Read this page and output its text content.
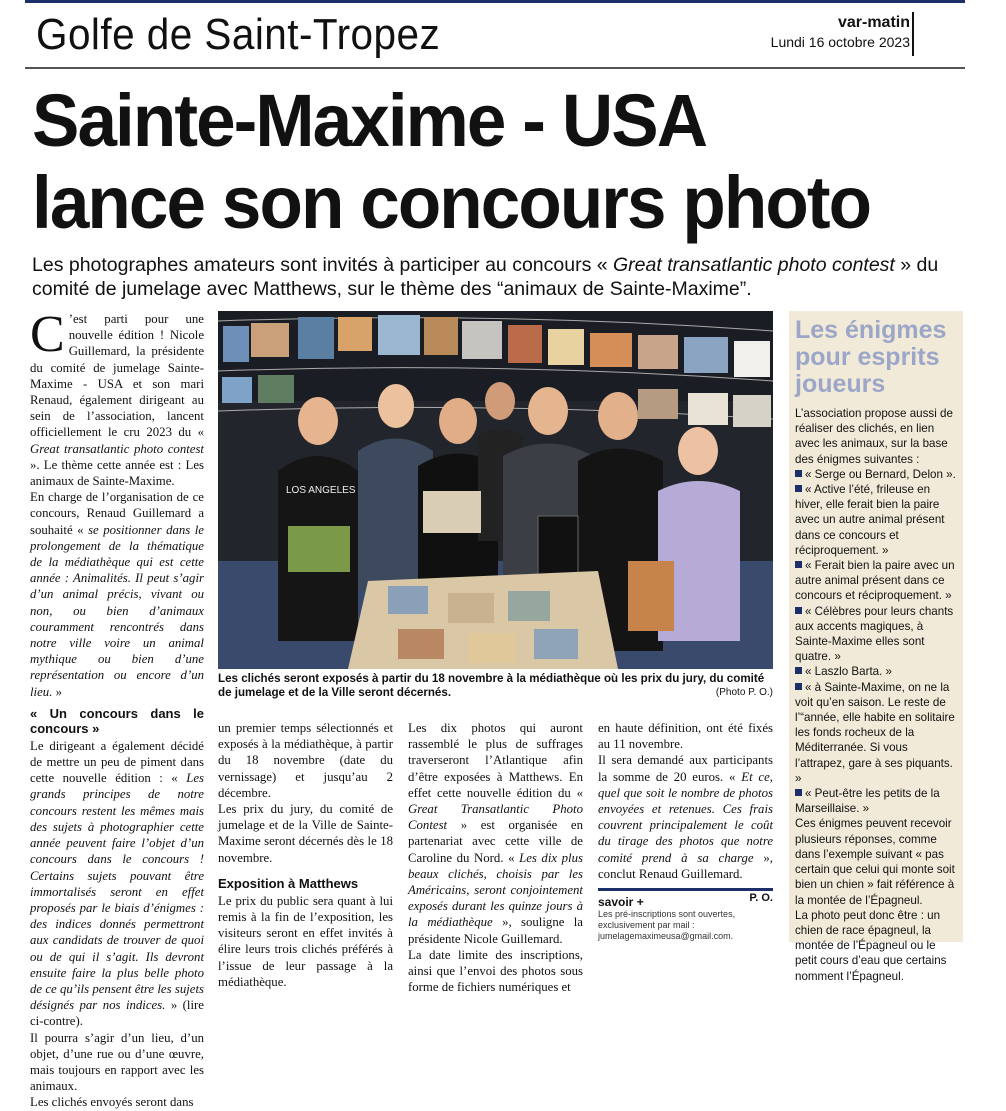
Golfe de Saint-Tropez	var-matin
Lundi 16 octobre 2023
Sainte-Maxime - USA
lance son concours photo
Les photographes amateurs sont invités à participer au concours « Great transatlantic photo contest » du comité de jumelage avec Matthews, sur le thème des “animaux de Sainte-Maxime”.

C ’est parti pour une nouvelle édition ! Nicole Guillemard, la présidente du comité de jumelage Sainte-Maxime - USA et son mari Renaud, également dirigeant au sein de l’association, lancent officiellement le cru 2023 du « Great transatlantic photo contest ». Le thème cette année est : Les animaux de Sainte-Maxime.

En charge de l’organisation de ce concours, Renaud Guillemard a souhaité « se positionner dans le prolongement de la thématique de la médiathèque qui est cette année : Animalités. Il peut s’agir d’un animal précis, vivant ou non, ou bien d’animaux couramment rencontrés dans notre ville voire un animal mythique ou bien d’une représentation ou encore d’un lieu. »

« Un concours dans le concours »

Le dirigeant a également décidé de mettre un peu de piment dans cette nouvelle édition : « Les grands principes de notre concours restent les mêmes mais des sujets à photographier cette année peuvent faire l’objet d’un concours dans le concours ! Certains sujets pouvant être immortalisés seront en effet proposés par le biais d’énigmes : des indices donnés permettront aux candidats de trouver de quoi ou de qui il s’agit. Ils devront ensuite faire la plus belle photo de ce qu’ils pensent être les sujets désignés par nos indices. » (lire ci-contre).

Il pourra s’agir d’un lieu, d’un objet, d’une rue ou d’une œuvre, mais toujours en rapport avec les animaux.

Les clichés envoyés seront dans

LOS ANGELES
Les clichés seront exposés à partir du 18 novembre à la médiathèque où les prix du jury, du comité de jumelage et de la Ville seront décernés.	(Photo P. O.)

un premier temps sélectionnés et exposés à la médiathèque, à partir du 18 novembre (date du vernissage) et jusqu’au 2 décembre.

Les prix du jury, du comité de jumelage et de la Ville de Sainte-Maxime seront décernés dès le 18 novembre.

Exposition à Matthews

Le prix du public sera quant à lui remis à la fin de l’exposition, les visiteurs seront en effet invités à élire leurs trois clichés préférés à l’issue de leur passage à la médiathèque.

Les dix photos qui auront rassemblé le plus de suffrages traverseront l’Atlantique afin d’être exposées à Matthews. En effet cette nouvelle édition du « Great Transatlantic Photo Contest » est organisée en partenariat avec cette ville de Caroline du Nord. « Les dix plus beaux clichés, choisis par les Américains, seront conjointement exposés durant les quinze jours à la médiathèque », souligne la présidente Nicole Guillemard.

La date limite des inscriptions, ainsi que l’envoi des photos sous forme de fichiers numériques et

en haute définition, ont été fixés au 11 novembre.

Il sera demandé aux participants la somme de 20 euros. « Et ce, quel que soit le nombre de photos envoyées et retenues. Ces frais couvrent principalement le coût du tirage des photos que notre comité prend à sa charge », conclut Renaud Guillemard.

P. O.
savoir +
Les pré-inscriptions sont ouvertes, exclusivement par mail : jumelagemaximeusa@gmail.com.
Les énigmes
pour esprits
joueurs

L’association propose aussi de réaliser des clichés, en lien avec les animaux, sur la base des énigmes suivantes :

« Serge ou Bernard, Delon ».

« Active l’été, frileuse en hiver, elle ferait bien la paire avec un autre animal présent dans ce concours et réciproquement. »

« Ferait bien la paire avec un autre animal présent dans ce concours et réciproquement. »

« Célèbres pour leurs chants aux accents magiques, à Sainte-Maxime elles sont quatre. »

« Laszlo Barta. »

« à Sainte-Maxime, on ne la voit qu’en saison. Le reste de l’“année, elle habite en solitaire les fonds rocheux de la Méditerranée. Si vous l’attrapez, gare à ses piquants. »

« Peut-être les petits de la Marseillaise. »

Ces énigmes peuvent recevoir plusieurs réponses, comme dans l’exemple suivant « pas certain que celui qui monte soit bien un chien » fait référence à la montée de l’Épagneul.

La photo peut donc être : un chien de race épagneul, la montée de l’Épagneul ou le petit cours d’eau que certains nomment l’Épagneul.
